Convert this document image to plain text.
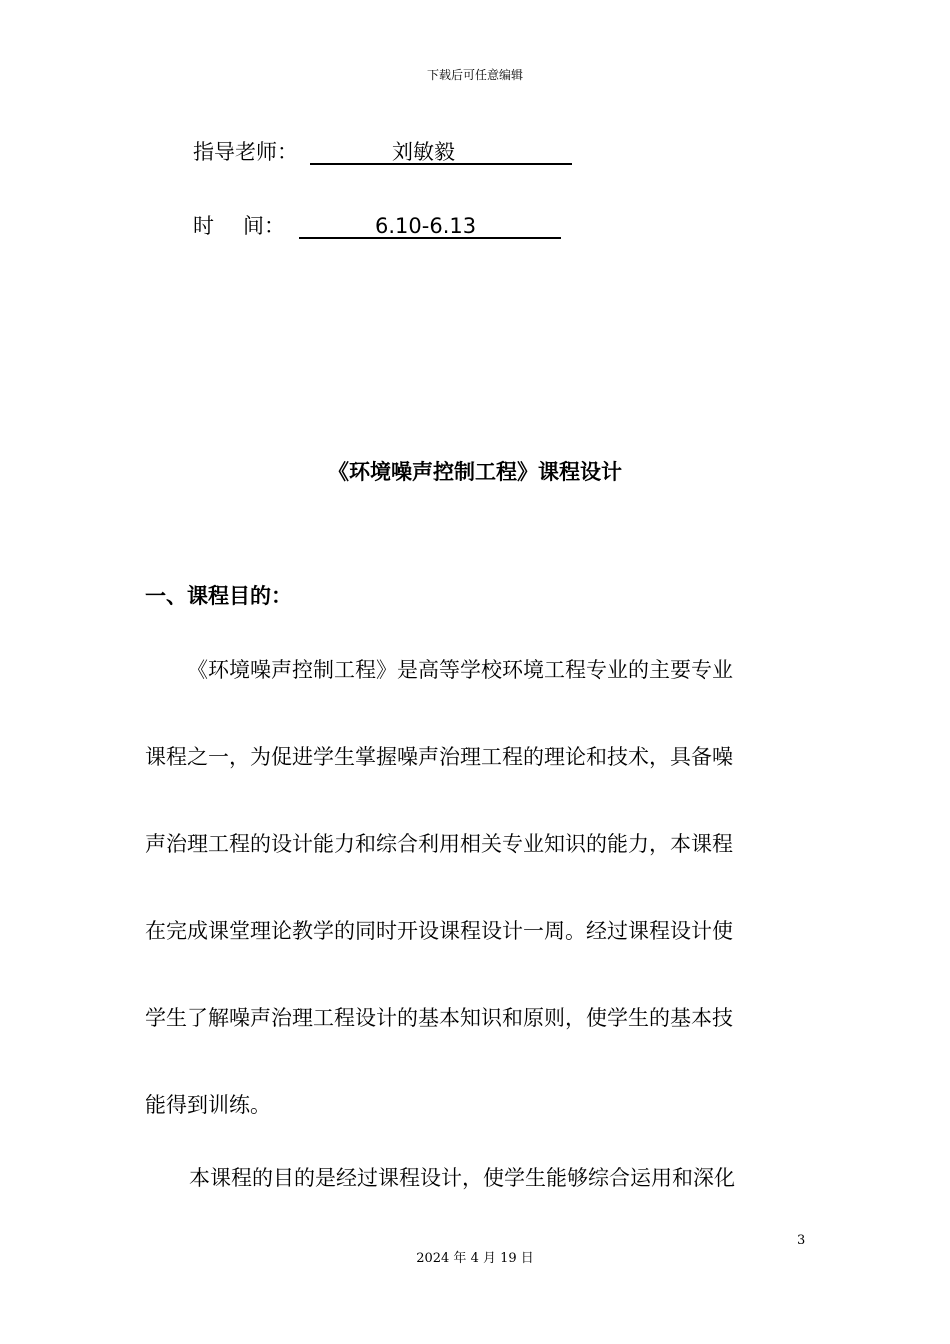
下载后可任意编辑
指导老师：	刘敏毅
时 间：	6.10-6.13
《环境噪声控制工程》课程设计
一、课程目的：
《环境噪声控制工程》是高等学校环境工程专业的主要专业
课程之一，为促进学生掌握噪声治理工程的理论和技术，具备噪
声治理工程的设计能力和综合利用相关专业知识的能力，本课程
在完成课堂理论教学的同时开设课程设计一周。经过课程设计使
学生了解噪声治理工程设计的基本知识和原则，使学生的基本技
能得到训练。
本课程的目的是经过课程设计，使学生能够综合运用和深化
3
2024 年 4 月 19 日
